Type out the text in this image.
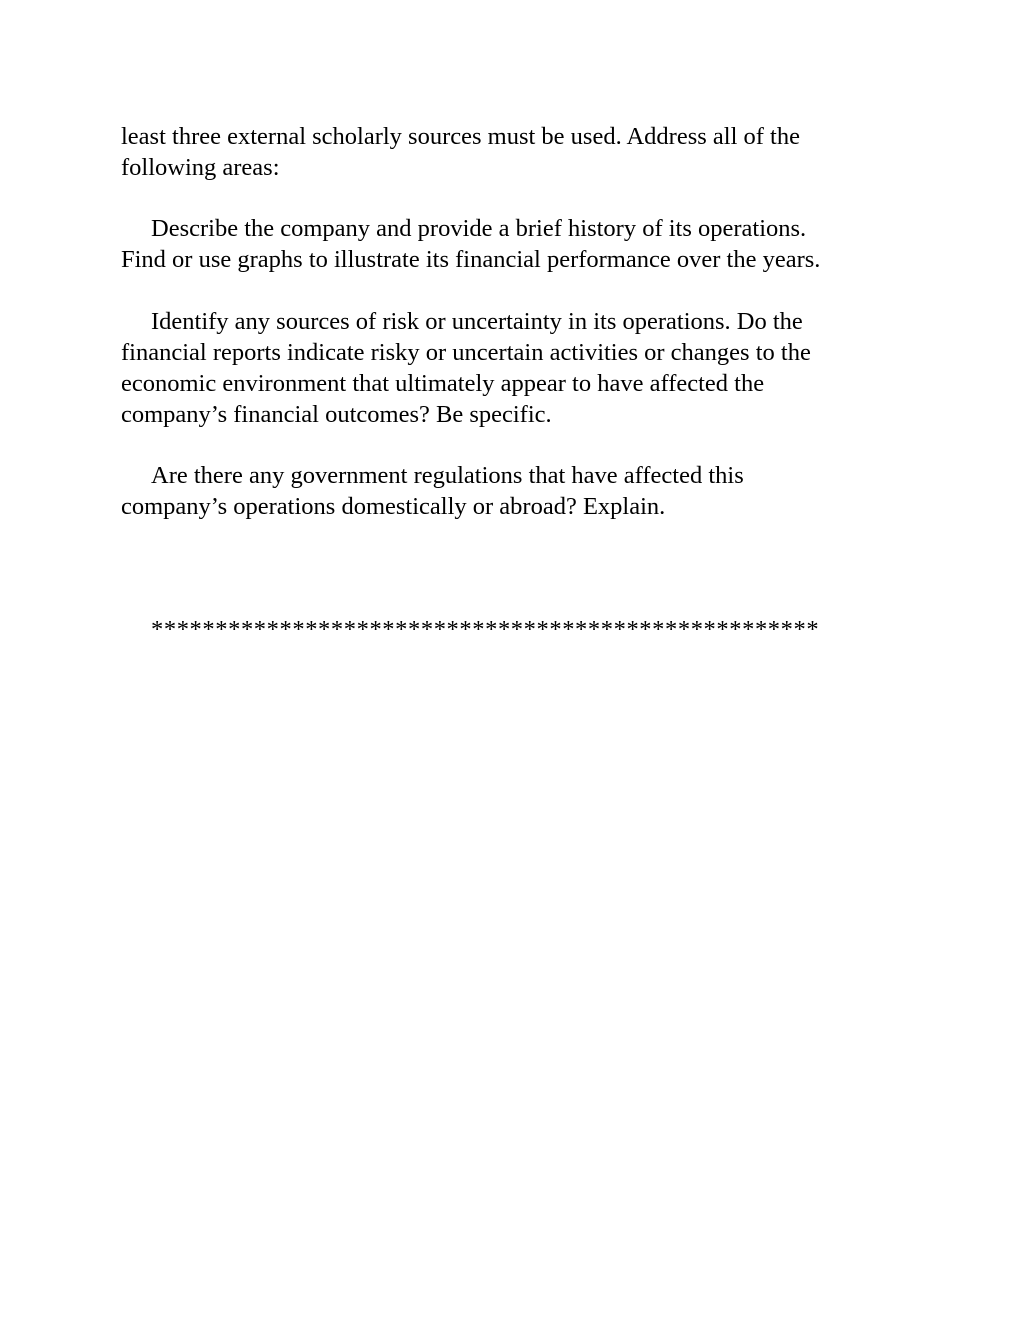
least three external scholarly sources must be used. Address all of the
following areas:
Describe the company and provide a brief history of its operations.
Find or use graphs to illustrate its financial performance over the years.
Identify any sources of risk or uncertainty in its operations. Do the
financial reports indicate risky or uncertain activities or changes to the
economic environment that ultimately appear to have affected the
company’s financial outcomes? Be specific.
Are there any government regulations that have affected this
company’s operations domestically or abroad? Explain.
****************************************************
